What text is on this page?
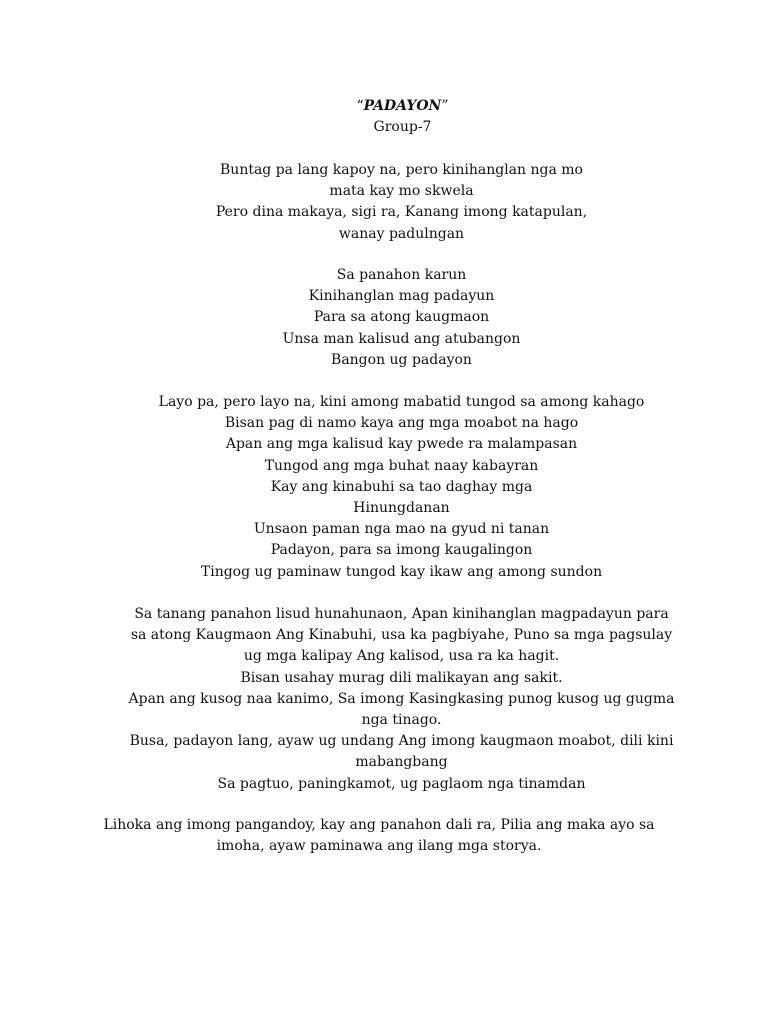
“PADAYON”
Group-7
Buntag pa lang kapoy na, pero kinihanglan nga mo
mata kay mo skwela
Pero dina makaya, sigi ra, Kanang imong katapulan,
wanay padulngan
Sa panahon karun
Kinihanglan mag padayun
Para sa atong kaugmaon
Unsa man kalisud ang atubangon
Bangon ug padayon
Layo pa, pero layo na, kini among mabatid tungod sa among kahago
Bisan pag di namo kaya ang mga moabot na hago
Apan ang mga kalisud kay pwede ra malampasan
Tungod ang mga buhat naay kabayran
Kay ang kinabuhi sa tao daghay mga
Hinungdanan
Unsaon paman nga mao na gyud ni tanan
Padayon, para sa imong kaugalingon
Tingog ug paminaw tungod kay ikaw ang among sundon
Sa tanang panahon lisud hunahunaon, Apan kinihanglan magpadayun para
sa atong Kaugmaon Ang Kinabuhi, usa ka pagbiyahe, Puno sa mga pagsulay
ug mga kalipay Ang kalisod, usa ra ka hagit.
Bisan usahay murag dili malikayan ang sakit.
Apan ang kusog naa kanimo, Sa imong Kasingkasing punog kusog ug gugma
nga tinago.
Busa, padayon lang, ayaw ug undang Ang imong kaugmaon moabot, dili kini
mabangbang
Sa pagtuo, paningkamot, ug paglaom nga tinamdan
Lihoka ang imong pangandoy, kay ang panahon dali ra, Pilia ang maka ayo sa
imoha, ayaw paminawa ang ilang mga storya.
